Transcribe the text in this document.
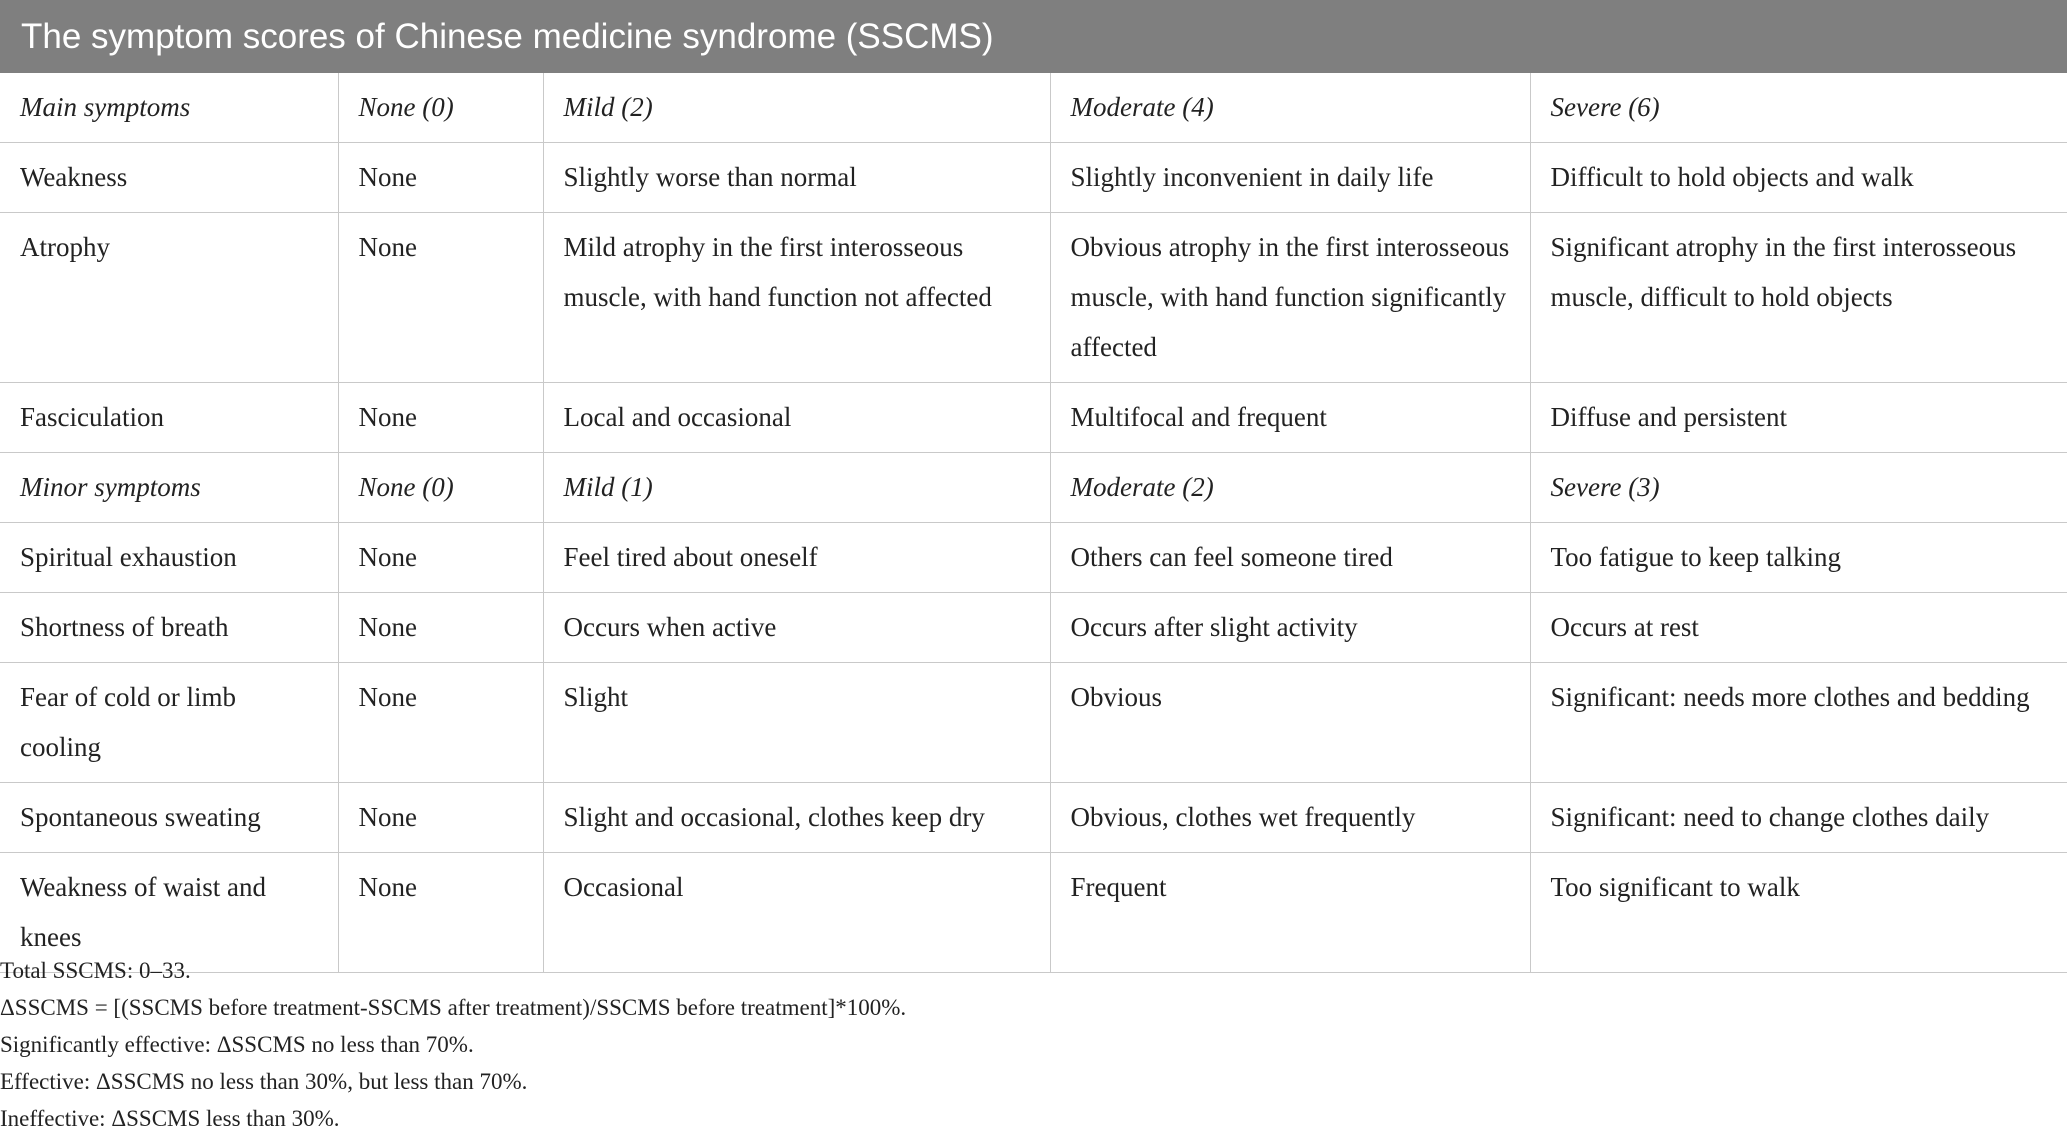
The symptom scores of Chinese medicine syndrome (SSCMS)
Main symptoms	None (0)	Mild (2)	Moderate (4)	Severe (6)
Weakness	None	Slightly worse than normal	Slightly inconvenient in daily life	Difficult to hold objects and walk
Atrophy	None	Mild atrophy in the first interosseous muscle, with hand function not affected	Obvious atrophy in the first interosseous muscle, with hand function significantly affected	Significant atrophy in the first interosseous muscle, difficult to hold objects
Fasciculation	None	Local and occasional	Multifocal and frequent	Diffuse and persistent
Minor symptoms	None (0)	Mild (1)	Moderate (2)	Severe (3)
Spiritual exhaustion	None	Feel tired about oneself	Others can feel someone tired	Too fatigue to keep talking
Shortness of breath	None	Occurs when active	Occurs after slight activity	Occurs at rest
Fear of cold or limb cooling	None	Slight	Obvious	Significant: needs more clothes and bedding
Spontaneous sweating	None	Slight and occasional, clothes keep dry	Obvious, clothes wet frequently	Significant: need to change clothes daily
Weakness of waist and knees	None	Occasional	Frequent	Too significant to walk
Total SSCMS: 0–33.
ΔSSCMS = [(SSCMS before treatment-SSCMS after treatment)/SSCMS before treatment]*100%.
Significantly effective: ΔSSCMS no less than 70%.
Effective: ΔSSCMS no less than 30%, but less than 70%.
Ineffective: ΔSSCMS less than 30%.
